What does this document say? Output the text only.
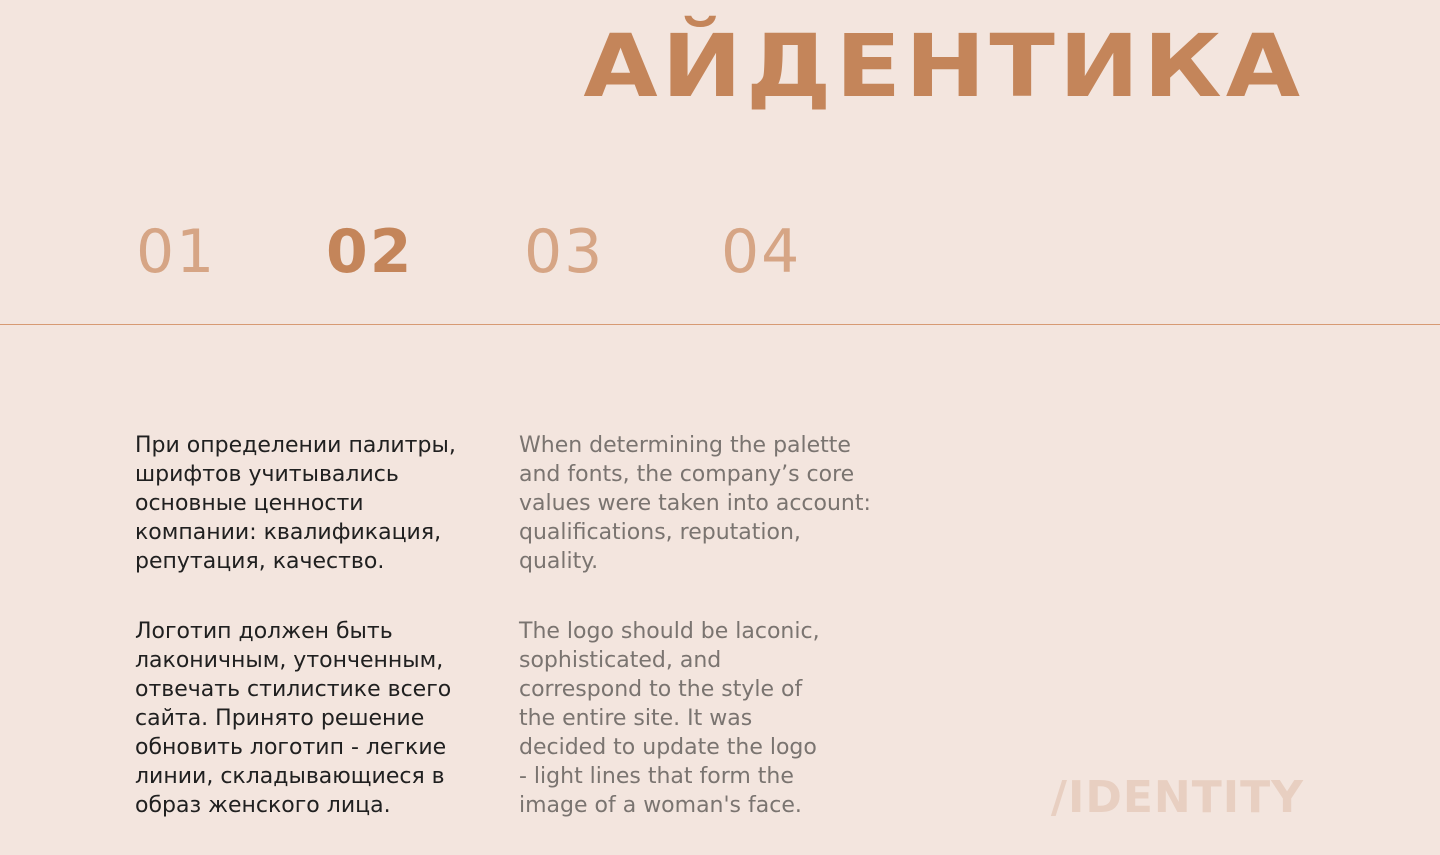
АЙДЕНТИКА
01	02	03	04

При определении палитры,
шрифтов учитывались
основные ценности
компании: квалификация,
репутация, качество.

When determining the palette
and fonts, the company’s core
values were taken into account:
qualifications, reputation,
quality.

Логотип должен быть
лаконичным, утонченным,
отвечать стилистике всего
сайта. Принято решение
обновить логотип - легкие
линии, складывающиеся в
образ женского лица.

The logo should be laconic,
sophisticated, and
correspond to the style of
the entire site. It was
decided to update the logo
- light lines that form the
image of a woman's face.	/IDENTITY
